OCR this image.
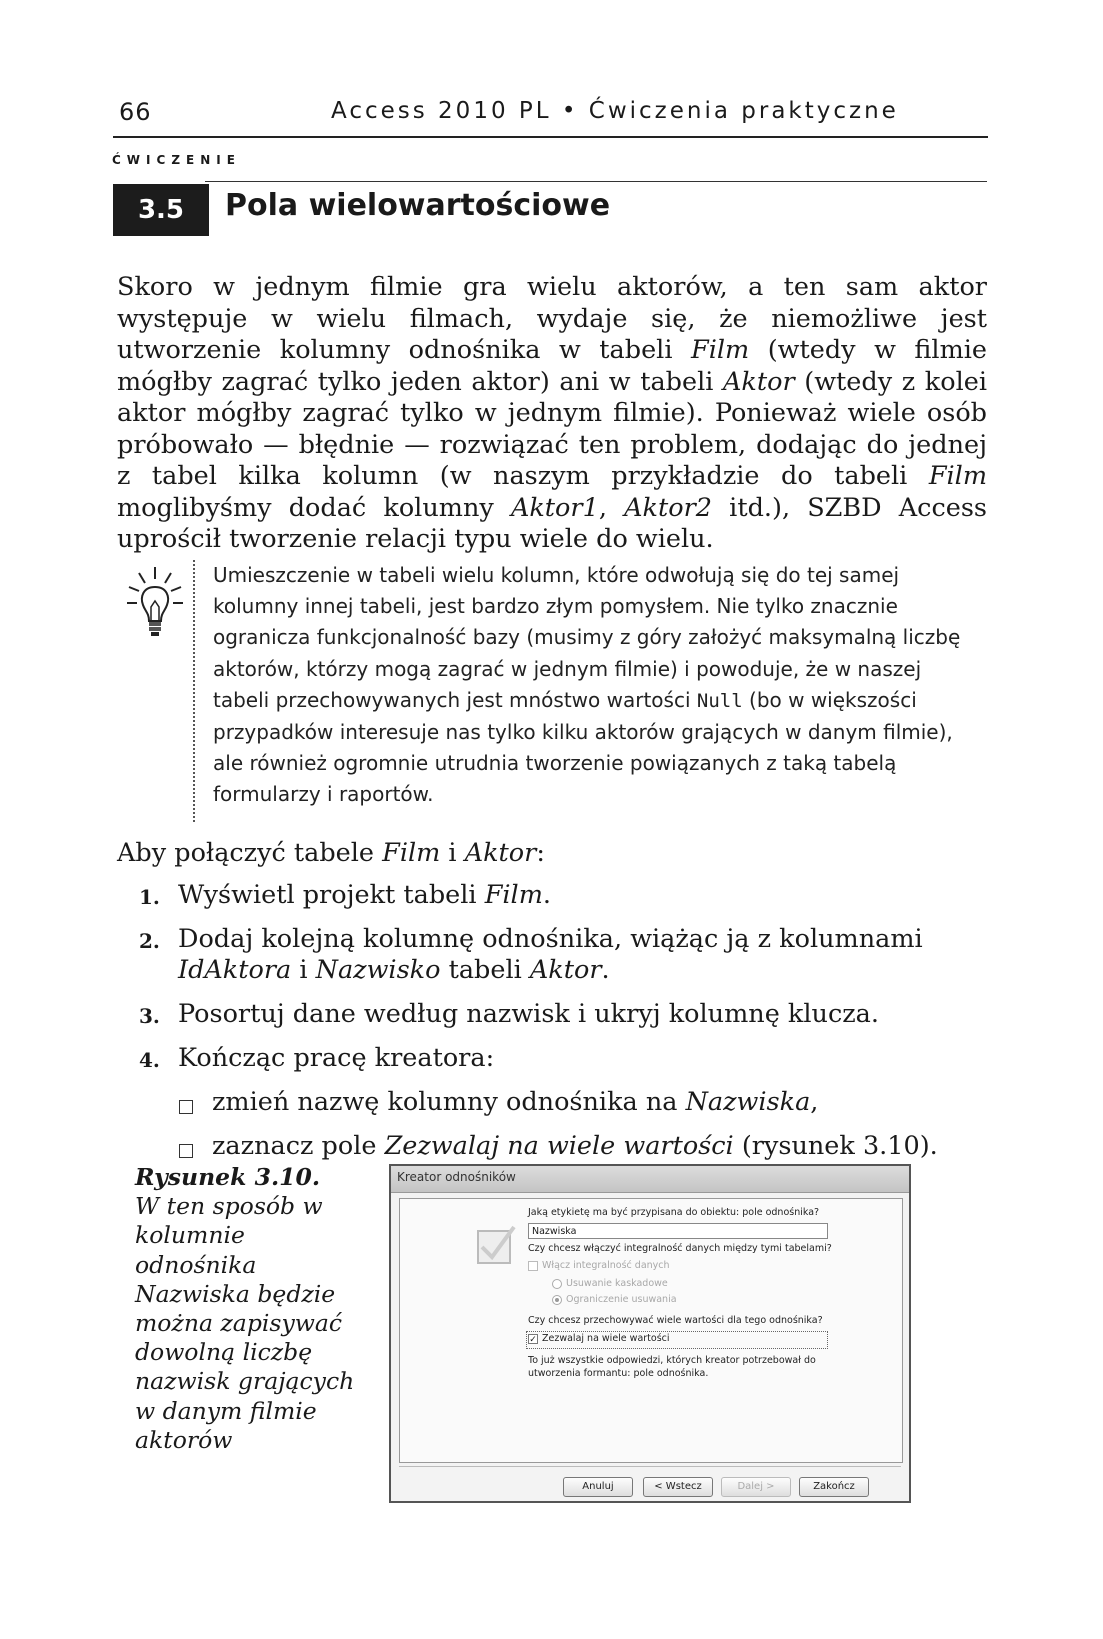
66	Access 2010 PL • Ćwiczenia praktyczne
ĆWICZENIE
3.5	Pola wielowartościowe
Skoro w jednym filmie gra wielu aktorów, a ten sam aktor występuje w wielu filmach, wydaje się, że niemożliwe jest utworzenie kolumny odnośnika w tabeli Film (wtedy w filmie mógłby zagrać tylko jeden aktor) ani w tabeli Aktor (wtedy z kolei aktor mógłby zagrać tylko w jednym filmie). Ponieważ wiele osób próbowało — błędnie — rozwiązać ten problem, dodając do jednej z tabel kilka kolumn (w naszym przykładzie do tabeli Film moglibyśmy dodać kolumny Aktor1, Aktor2 itd.), SZBD Access uprościł tworzenie relacji typu wiele do wielu.
Umieszczenie w tabeli wielu kolumn, które odwołują się do tej samej kolumny innej tabeli, jest bardzo złym pomysłem. Nie tylko znacznie ogranicza funkcjonalność bazy (musimy z góry założyć maksymalną liczbę aktorów, którzy mogą zagrać w jednym filmie) i powoduje, że w naszej tabeli przechowywanych jest mnóstwo wartości Null (bo w większości przypadków interesuje nas tylko kilku aktorów grających w danym filmie), ale również ogromnie utrudnia tworzenie powiązanych z taką tabelą formularzy i raportów.
Aby połączyć tabele Film i Aktor:
1. Wyświetl projekt tabeli Film.
2. Dodaj kolejną kolumnę odnośnika, wiążąc ją z kolumnami IdAktora i Nazwisko tabeli Aktor.
3. Posortuj dane według nazwisk i ukryj kolumnę klucza.
4. Kończąc pracę kreatora:
zmień nazwę kolumny odnośnika na Nazwiska,
zaznacz pole Zezwalaj na wiele wartości (rysunek 3.10).
Rysunek 3.10.
W ten sposób w kolumnie odnośnika Nazwiska będzie można zapisywać dowolną liczbę nazwisk grających w danym filmie aktorów
Kreator odnośników
Jaką etykietę ma być przypisana do obiektu: pole odnośnika?
Nazwiska
Czy chcesz włączyć integralność danych między tymi tabelami?
Włącz integralność danych
Usuwanie kaskadowe
Ograniczenie usuwania
Czy chcesz przechowywać wiele wartości dla tego odnośnika?
✓ Zezwalaj na wiele wartości
To już wszystkie odpowiedzi, których kreator potrzebował do
utworzenia formantu: pole odnośnika.
Anuluj	< Wstecz	Dalej >	Zakończ
